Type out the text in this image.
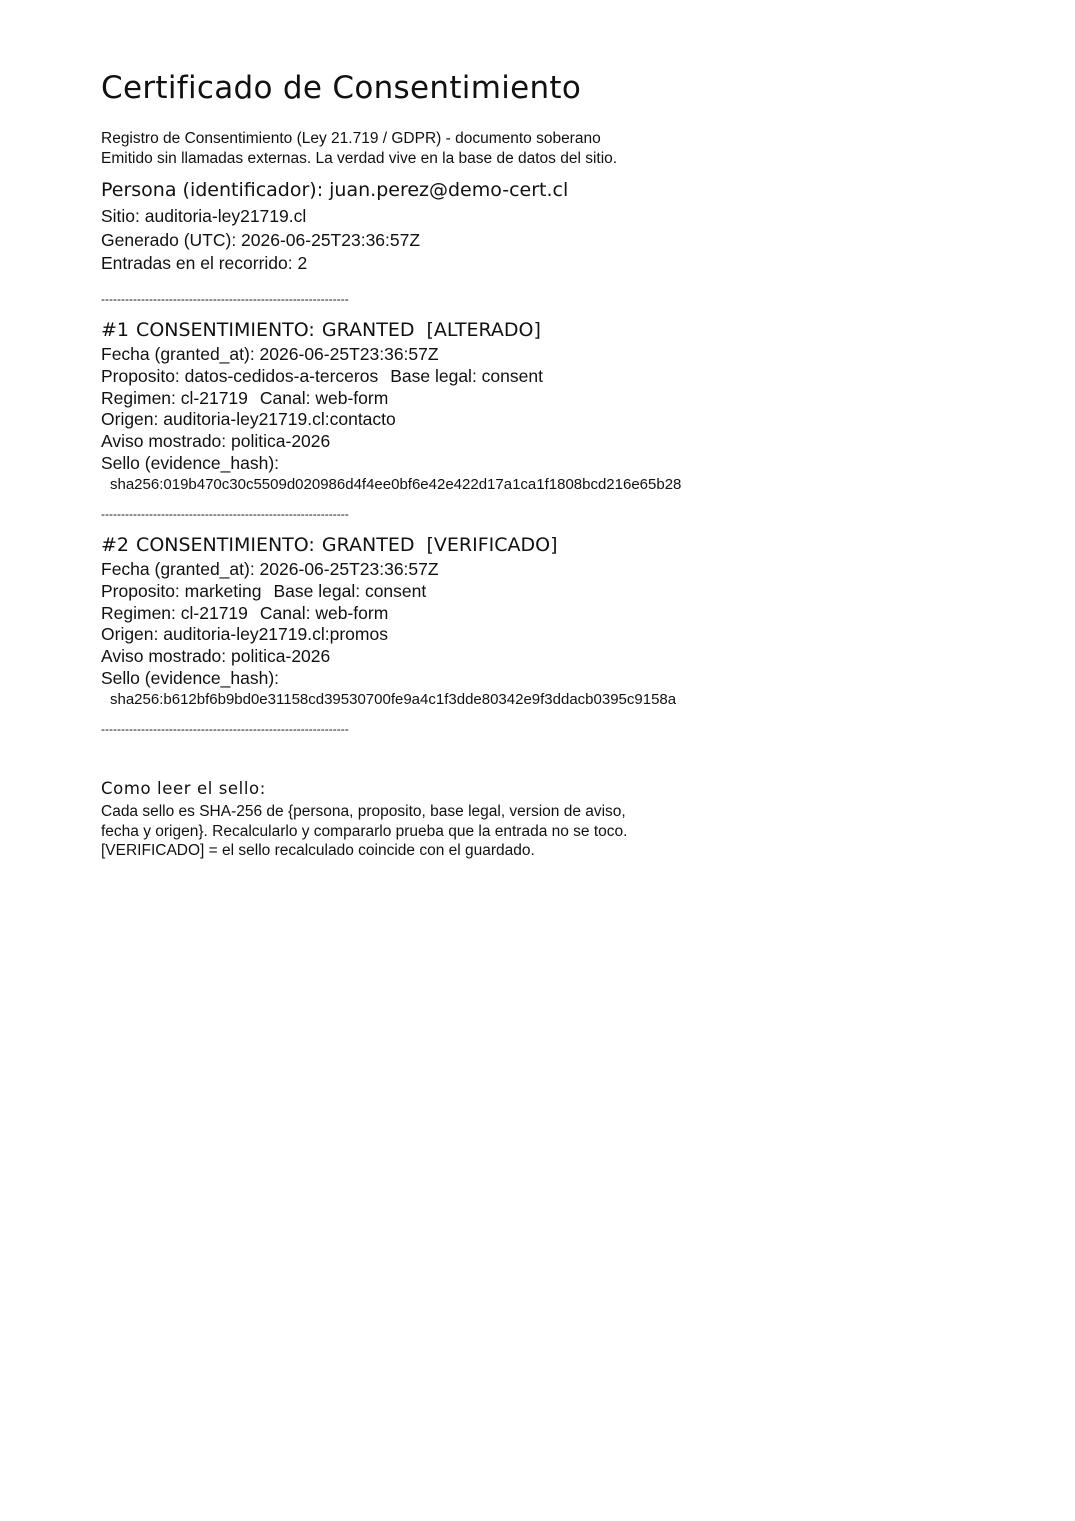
Certificado de Consentimiento
Registro de Consentimiento (Ley 21.719 / GDPR) - documento soberano
Emitido sin llamadas externas. La verdad vive en la base de datos del sitio.
Persona (identificador): juan.perez@demo-cert.cl
Sitio: auditoria-ley21719.cl
Generado (UTC): 2026-06-25T23:36:57Z
Entradas en el recorrido: 2
--------------------------------------------------------------
#1 CONSENTIMIENTO: GRANTED [ALTERADO]
Fecha (granted_at): 2026-06-25T23:36:57Z
Proposito: datos-cedidos-a-terceros Base legal: consent
Regimen: cl-21719 Canal: web-form
Origen: auditoria-ley21719.cl:contacto
Aviso mostrado: politica-2026
Sello (evidence_hash):
sha256:019b470c30c5509d020986d4f4ee0bf6e42e422d17a1ca1f1808bcd216e65b28
--------------------------------------------------------------
#2 CONSENTIMIENTO: GRANTED [VERIFICADO]
Fecha (granted_at): 2026-06-25T23:36:57Z
Proposito: marketing Base legal: consent
Regimen: cl-21719 Canal: web-form
Origen: auditoria-ley21719.cl:promos
Aviso mostrado: politica-2026
Sello (evidence_hash):
sha256:b612bf6b9bd0e31158cd39530700fe9a4c1f3dde80342e9f3ddacb0395c9158a
--------------------------------------------------------------
Como leer el sello:
Cada sello es SHA-256 de {persona, proposito, base legal, version de aviso,
fecha y origen}. Recalcularlo y compararlo prueba que la entrada no se toco.
[VERIFICADO] = el sello recalculado coincide con el guardado.
